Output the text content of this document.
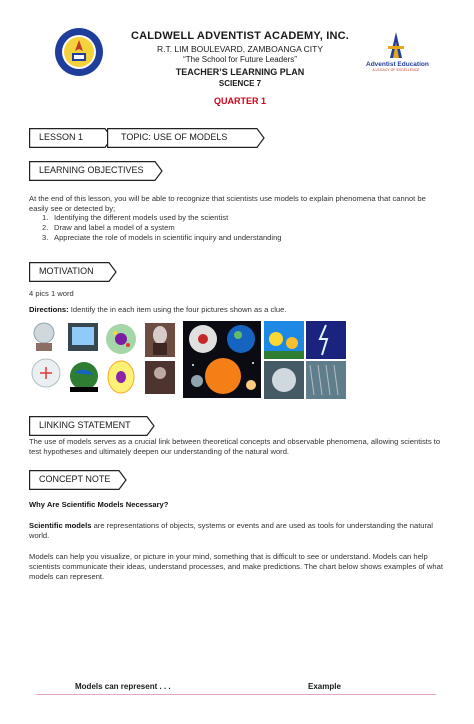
CALDWELL ADVENTIST ACADEMY, INC.
R.T. LIM BOULEVARD, ZAMBOANGA CITY
“The School for Future Leaders”
TEACHER’S LEARNING PLAN
SCIENCE 7
QUARTER 1
Adventist Education
A LEGACY OF EXCELLENCE
LESSON 1	TOPIC: USE OF MODELS
LEARNING OBJECTIVES
At the end of this lesson, you will be able to recognize that scientists use models to explain phenomena that cannot be easily see or detected by;
1. Identifying the different models used by the scientist
2. Draw and label a model of a system
3. Appreciate the role of models in scientific inquiry and understanding
MOTIVATION
4 pics 1 word
Directions: Identify the in each item using the four pictures shown as a clue.
LINKING STATEMENT
The use of models serves as a crucial link between theoretical concepts and observable phenomena, allowing scientists to test hypotheses and ultimately deepen our understanding of the natural word.
CONCEPT NOTE
Why Are Scientific Models Necessary?
Scientific models are representations of objects, systems or events and are used as tools for understanding the natural world.
Models can help you visualize, or picture in your mind, something that is difficult to see or understand. Models can help scientists communicate their ideas, understand processes, and make predictions. The chart below shows examples of what models can represent.
Models can represent . . .	Example
